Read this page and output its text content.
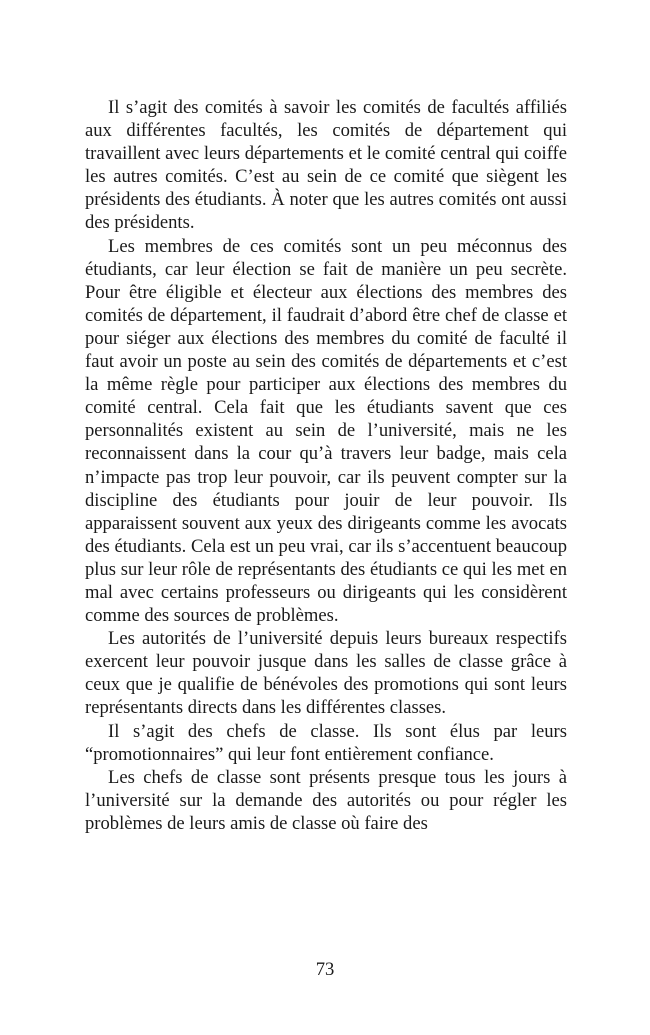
Il s’agit des comités à savoir les comités de facultés affiliés aux différentes facultés, les comités de département qui travaillent avec leurs départements et le comité central qui coiffe les autres comités. C’est au sein de ce comité que siègent les présidents des étudiants. À noter que les autres comités ont aussi des présidents.

Les membres de ces comités sont un peu méconnus des étudiants, car leur élection se fait de manière un peu secrète. Pour être éligible et électeur aux élections des membres des comités de département, il faudrait d’abord être chef de classe et pour siéger aux élections des membres du comité de faculté il faut avoir un poste au sein des comités de départements et c’est la même règle pour participer aux élections des membres du comité central. Cela fait que les étudiants savent que ces personnalités existent au sein de l’université, mais ne les reconnaissent dans la cour qu’à travers leur badge, mais cela n’impacte pas trop leur pouvoir, car ils peuvent compter sur la discipline des étudiants pour jouir de leur pouvoir. Ils apparaissent souvent aux yeux des dirigeants comme les avocats des étudiants. Cela est un peu vrai, car ils s’accentuent beaucoup plus sur leur rôle de représentants des étudiants ce qui les met en mal avec certains professeurs ou dirigeants qui les considèrent comme des sources de problèmes.

Les autorités de l’université depuis leurs bureaux respectifs exercent leur pouvoir jusque dans les salles de classe grâce à ceux que je qualifie de bénévoles des promotions qui sont leurs représentants directs dans les différentes classes.

Il s’agit des chefs de classe. Ils sont élus par leurs “promotionnaires” qui leur font entièrement confiance.

Les chefs de classe sont présents presque tous les jours à l’université sur la demande des autorités ou pour régler les problèmes de leurs amis de classe où faire des

73
